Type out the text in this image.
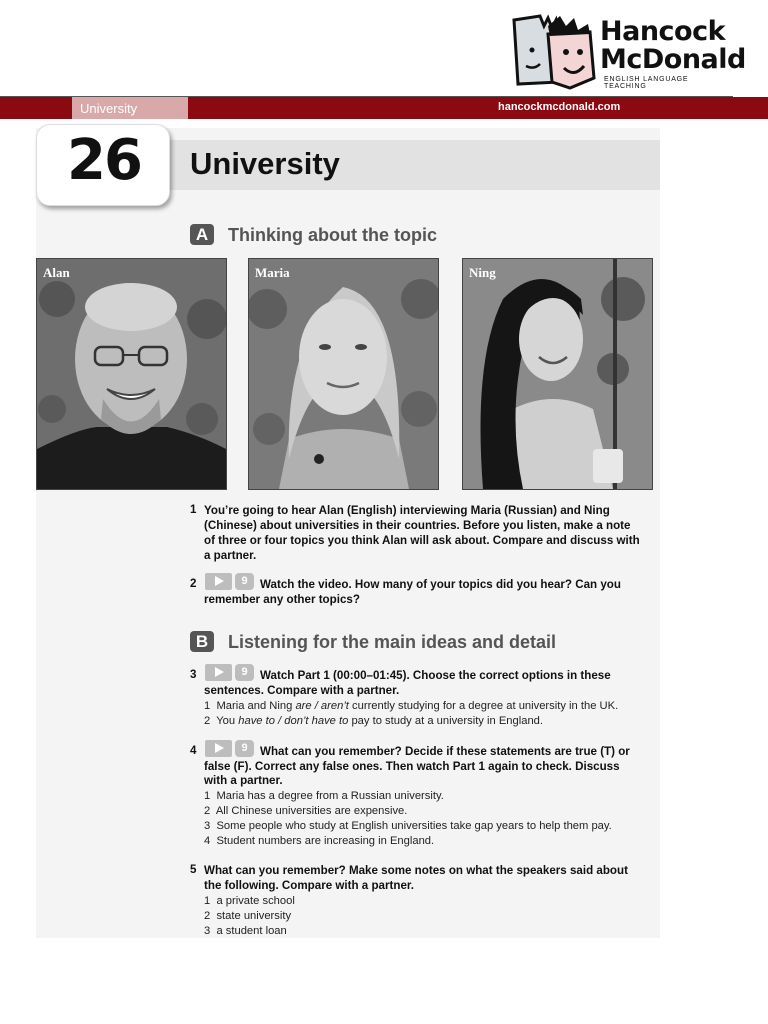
Hancock
McDonald
ENGLISH LANGUAGE TEACHING
University	hancockmcdonald.com
26	University
A	Thinking about the topic
Alan	Maria	Ning
1 You’re going to hear Alan (English) interviewing Maria (Russian) and Ning
(Chinese) about universities in their countries. Before you listen, make a note
of three or four topics you think Alan will ask about. Compare and discuss with
a partner.
2	9	Watch the video. How many of your topics did you hear? Can you
remember any other topics?
B	Listening for the main ideas and detail
3	9	Watch Part 1 (00:00–01:45). Choose the correct options in these
sentences. Compare with a partner.
1 Maria and Ning are / aren’t currently studying for a degree at university in the UK.
2 You have to / don’t have to pay to study at a university in England.
4	9	What can you remember? Decide if these statements are true (T) or
false (F). Correct any false ones. Then watch Part 1 again to check. Discuss
with a partner.
1 Maria has a degree from a Russian university.
2 All Chinese universities are expensive.
3 Some people who study at English universities take gap years to help them pay.
4 Student numbers are increasing in England.
5 What can you remember? Make some notes on what the speakers said about
the following. Compare with a partner.
1 a private school
2 state university
3 a student loan
